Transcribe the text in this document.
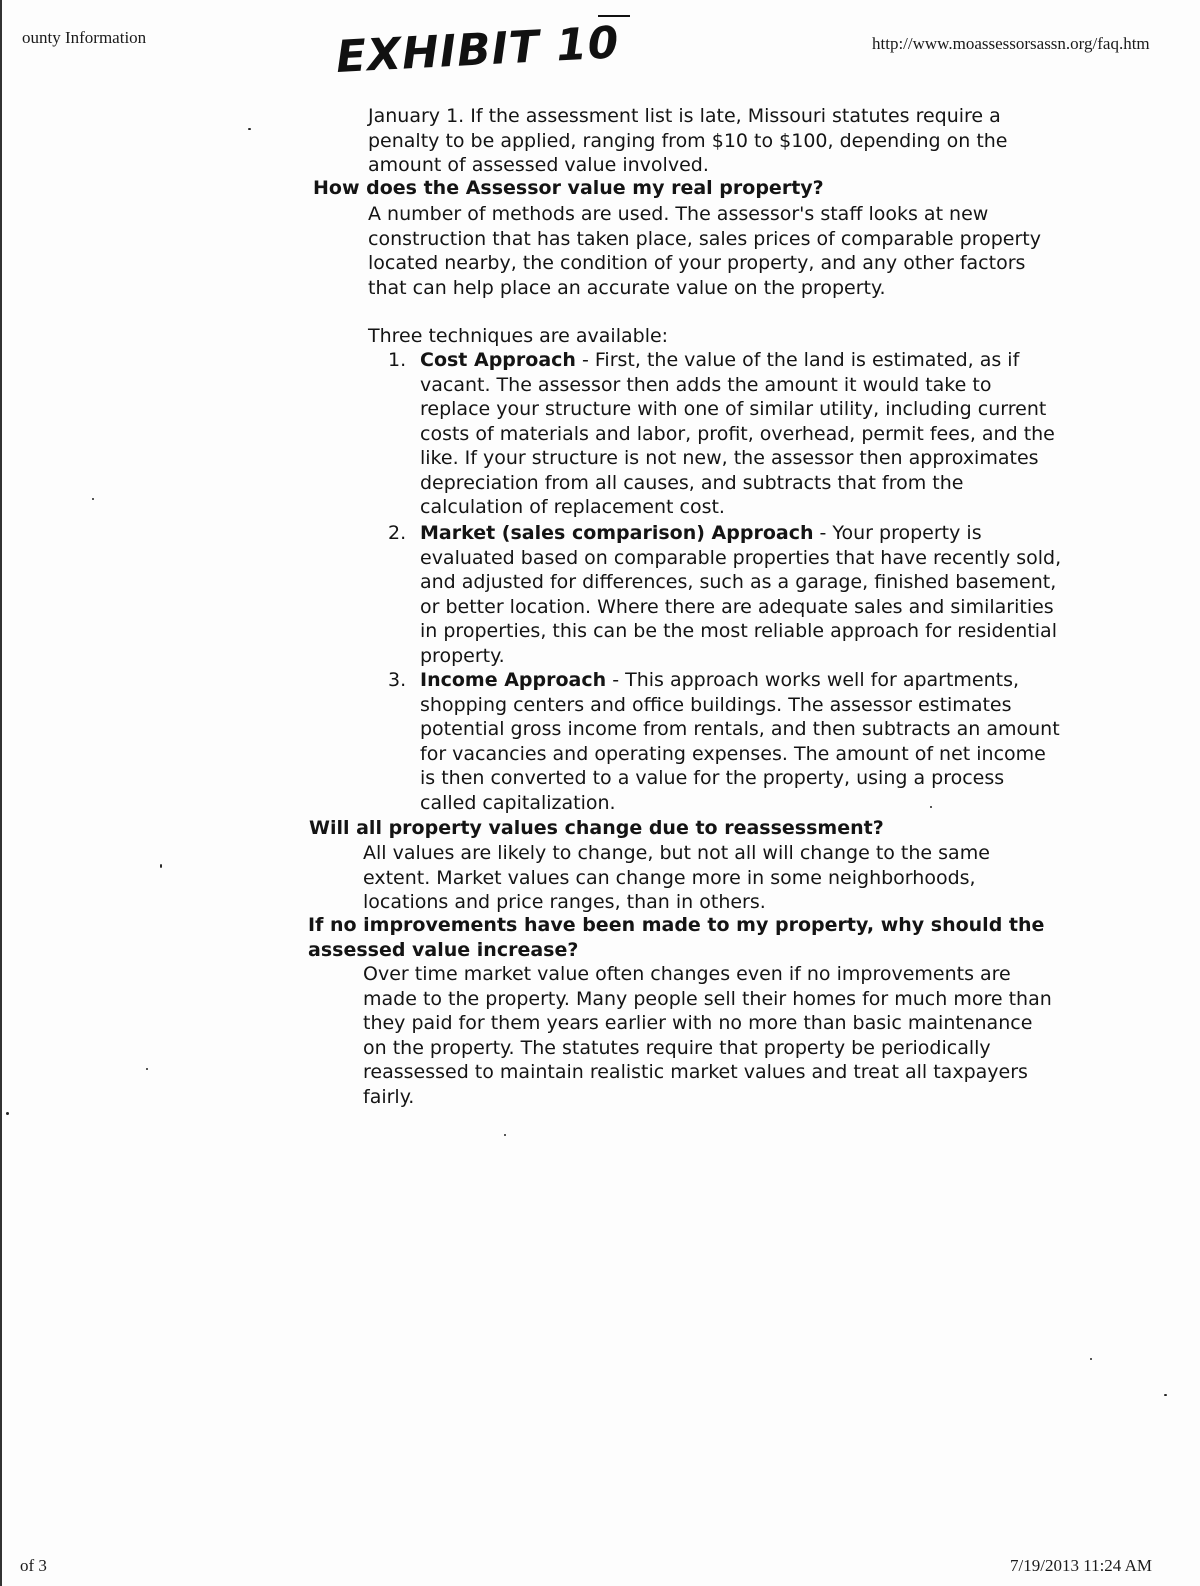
ounty Information	EXHIBIT 10	http://www.moassessorsassn.org/faq.htm
January 1. If the assessment list is late, Missouri statutes require a
penalty to be applied, ranging from $10 to $100, depending on the
amount of assessed value involved.
How does the Assessor value my real property?
A number of methods are used. The assessor's staff looks at new
construction that has taken place, sales prices of comparable property
located nearby, the condition of your property, and any other factors
that can help place an accurate value on the property.
Three techniques are available:
1. Cost Approach - First, the value of the land is estimated, as if
vacant. The assessor then adds the amount it would take to
replace your structure with one of similar utility, including current
costs of materials and labor, profit, overhead, permit fees, and the
like. If your structure is not new, the assessor then approximates
depreciation from all causes, and subtracts that from the
calculation of replacement cost.
2. Market (sales comparison) Approach - Your property is
evaluated based on comparable properties that have recently sold,
and adjusted for differences, such as a garage, finished basement,
or better location. Where there are adequate sales and similarities
in properties, this can be the most reliable approach for residential
property.
3. Income Approach - This approach works well for apartments,
shopping centers and office buildings. The assessor estimates
potential gross income from rentals, and then subtracts an amount
for vacancies and operating expenses. The amount of net income
is then converted to a value for the property, using a process
called capitalization.
Will all property values change due to reassessment?
All values are likely to change, but not all will change to the same
extent. Market values can change more in some neighborhoods,
locations and price ranges, than in others.
If no improvements have been made to my property, why should the
assessed value increase?
Over time market value often changes even if no improvements are
made to the property. Many people sell their homes for much more than
they paid for them years earlier with no more than basic maintenance
on the property. The statutes require that property be periodically
reassessed to maintain realistic market values and treat all taxpayers
fairly.
of 3	7/19/2013 11:24 AM
